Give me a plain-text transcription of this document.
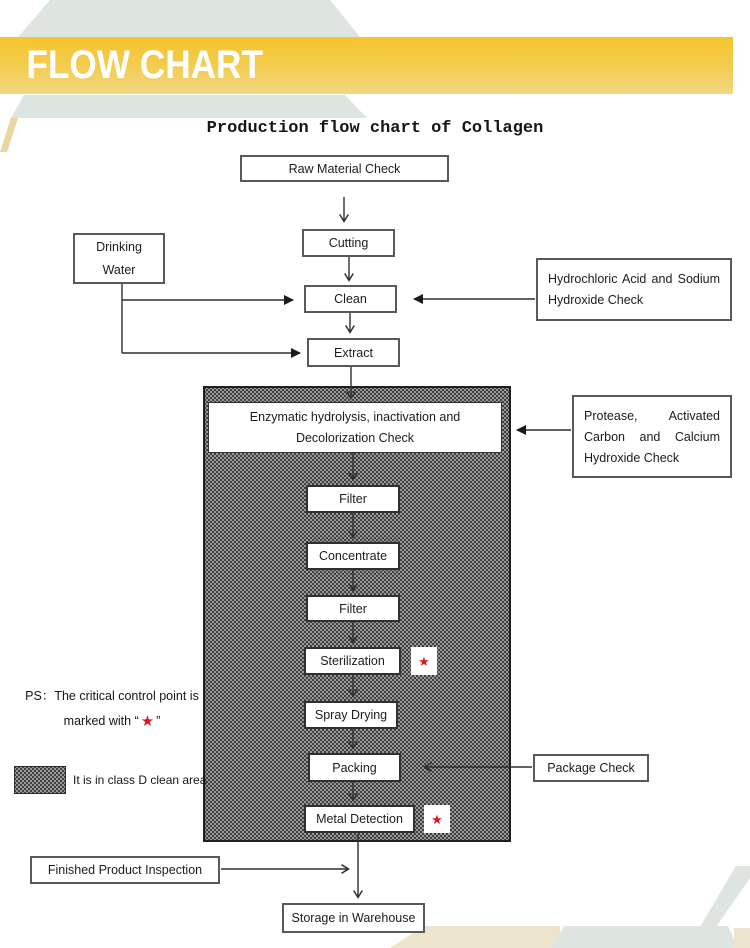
FLOW CHART
Production flow chart of Collagen
Raw Material Check
Cutting
Clean
Extract
Enzymatic hydrolysis, inactivation and
Decolorization Check
Filter
Concentrate
Filter
Sterilization	★
Spray Drying
Packing
Metal Detection ★
Storage in Warehouse
Drinking
Water
Hydrochloric Acid and Sodium
Hydroxide Check
Protease, Activated
Carbon and Calcium
Hydroxide Check
Package Check
Finished Product Inspection
PS：The critical control point is
marked with “ ★ ”
It is in class D clean area
